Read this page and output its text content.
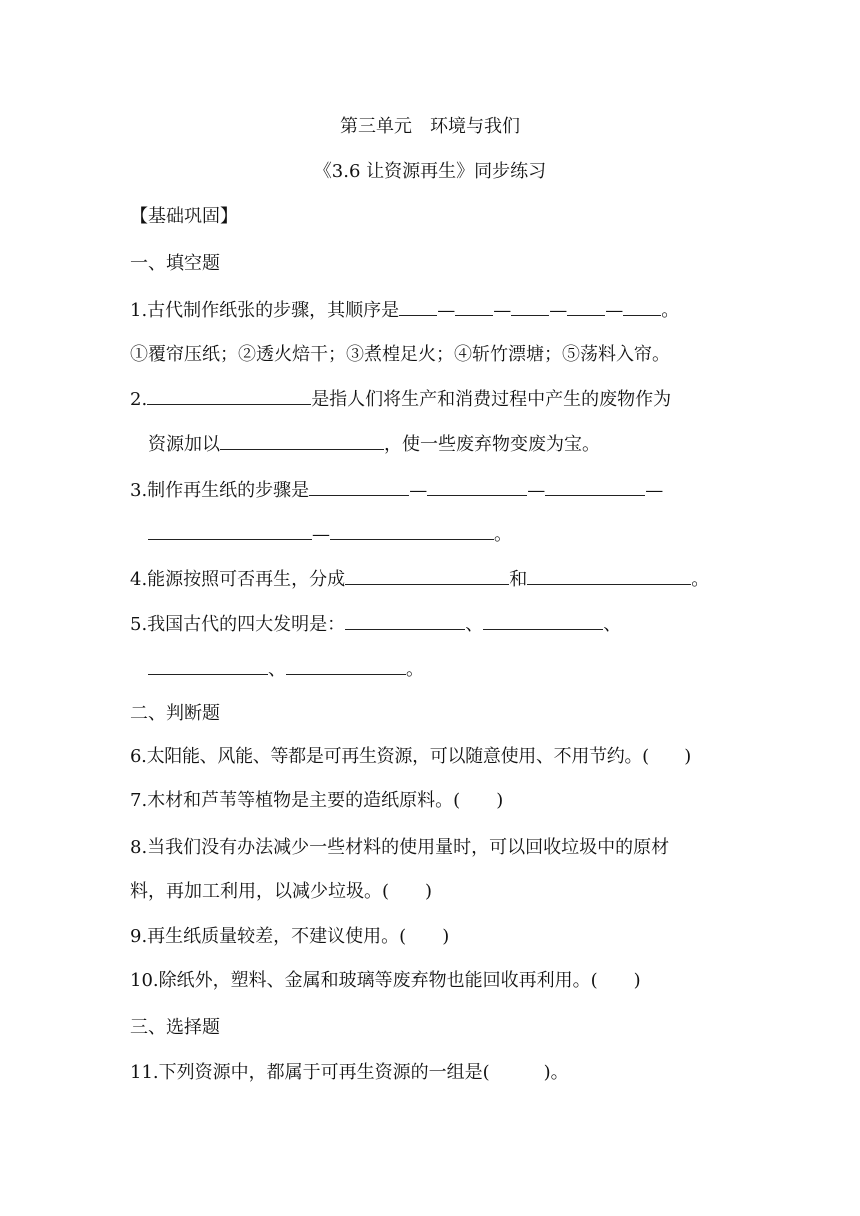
第三单元　环境与我们
《3.6 让资源再生》同步练习
【基础巩固】
一、填空题
1.古代制作纸张的步骤，其顺序是 — — — — 。
①覆帘压纸；②透火焙干；③煮楻足火；④斩竹漂塘；⑤荡料入帘。
2.	是指人们将生产和消费过程中产生的废物作为
资源加以	，使一些废弃物变废为宝。
3.制作再生纸的步骤是	—	—	—
—	。
4.能源按照可否再生，分成	和	。
5.我国古代的四大发明是：	、	、
、	。
二、判断题
6.太阳能、风能、等都是可再生资源，可以随意使用、不用节约。(　　)
7.木材和芦苇等植物是主要的造纸原料。(　　)
8.当我们没有办法减少一些材料的使用量时，可以回收垃圾中的原材
料，再加工利用，以减少垃圾。(　　)
9.再生纸质量较差，不建议使用。(　　)
10.除纸外，塑料、金属和玻璃等废弃物也能回收再利用。(　　)
三、选择题
11.下列资源中，都属于可再生资源的一组是(　　　)。
